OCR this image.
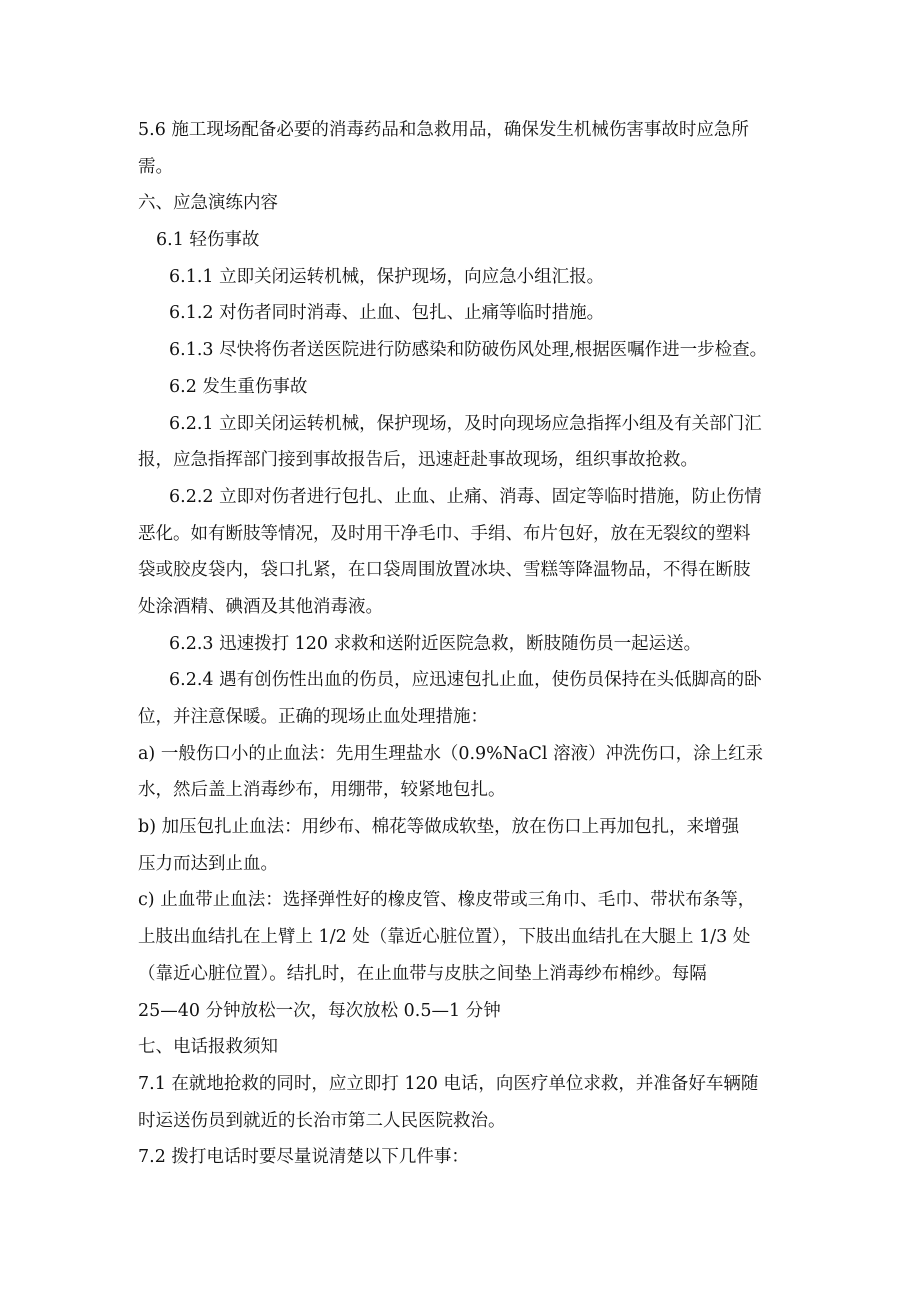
5.6 施工现场配备必要的消毒药品和急救用品，确保发生机械伤害事故时应急所
需。
六、应急演练内容
6.1 轻伤事故
6.1.1 立即关闭运转机械，保护现场，向应急小组汇报。
6.1.2 对伤者同时消毒、止血、包扎、止痛等临时措施。
6.1.3 尽快将伤者送医院进行防感染和防破伤风处理,根据医嘱作进一步检查。
6.2 发生重伤事故
6.2.1 立即关闭运转机械，保护现场，及时向现场应急指挥小组及有关部门汇
报，应急指挥部门接到事故报告后，迅速赶赴事故现场，组织事故抢救。
6.2.2 立即对伤者进行包扎、止血、止痛、消毒、固定等临时措施，防止伤情
恶化。如有断肢等情况，及时用干净毛巾、手绢、布片包好，放在无裂纹的塑料
袋或胶皮袋内，袋口扎紧，在口袋周围放置冰块、雪糕等降温物品，不得在断肢
处涂酒精、碘酒及其他消毒液。
6.2.3 迅速拨打 120 求救和送附近医院急救，断肢随伤员一起运送。
6.2.4 遇有创伤性出血的伤员，应迅速包扎止血，使伤员保持在头低脚高的卧
位，并注意保暖。正确的现场止血处理措施：
a) 一般伤口小的止血法：先用生理盐水（0.9%NaCl 溶液）冲洗伤口，涂上红汞
水，然后盖上消毒纱布，用绷带，较紧地包扎。
b) 加压包扎止血法：用纱布、棉花等做成软垫，放在伤口上再加包扎，来增强
压力而达到止血。
c) 止血带止血法：选择弹性好的橡皮管、橡皮带或三角巾、毛巾、带状布条等，
上肢出血结扎在上臂上 1/2 处（靠近心脏位置），下肢出血结扎在大腿上 1/3 处
（靠近心脏位置）。结扎时，在止血带与皮肤之间垫上消毒纱布棉纱。每隔
25—40 分钟放松一次，每次放松 0.5—1 分钟
七、电话报救须知
7.1 在就地抢救的同时，应立即打 120 电话，向医疗单位求救，并准备好车辆随
时运送伤员到就近的长治市第二人民医院救治。
7.2 拨打电话时要尽量说清楚以下几件事：
